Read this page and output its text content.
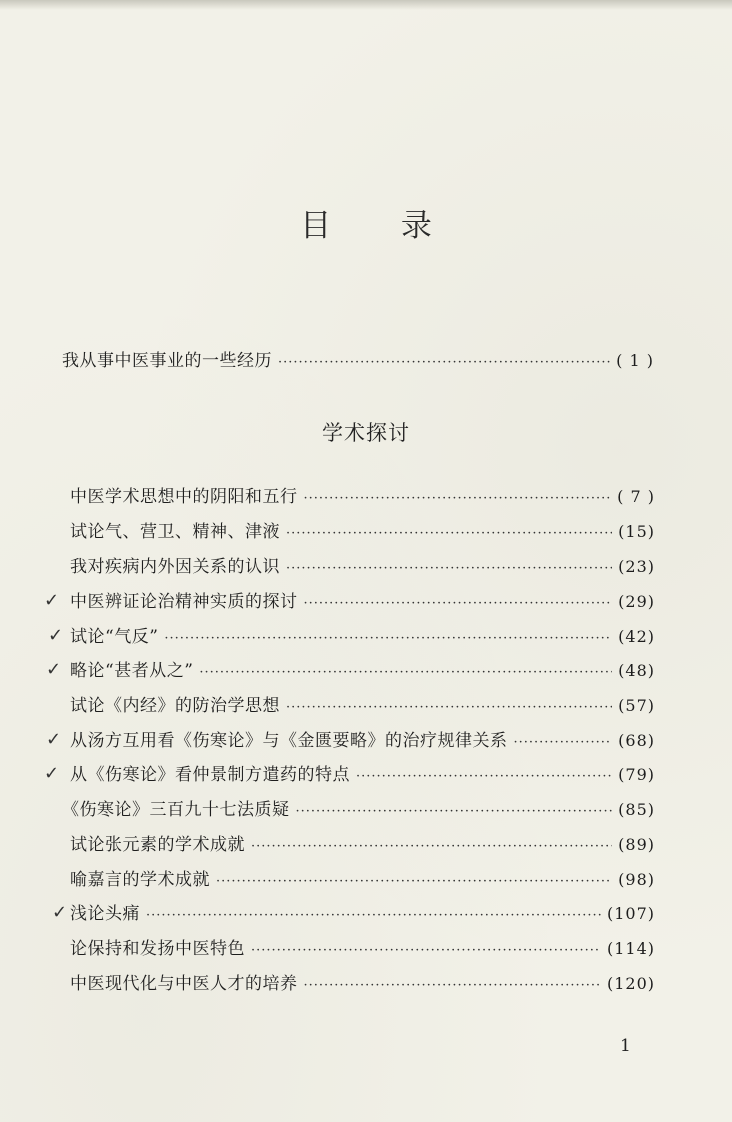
目 录
我从事中医事业的一些经历 ·····	( 1 )
学术探讨
中医学术思想中的阴阳和五行 ·····	( 7 )
试论气、营卫、精神、津液 ·····	(15)
我对疾病内外因关系的认识 ·····	(23)
中医辨证论治精神实质的探讨 ·····	(29)
✓
试论“气反” ·····	(42)
✓
略论“甚者从之” ·····	(48)
✓
试论《内经》的防治学思想 ·····	(57)
从汤方互用看《伤寒论》与《金匮要略》的治疗规律关系 ·····	(68)
✓
从《伤寒论》看仲景制方遣药的特点 ·····	(79)
✓
《伤寒论》三百九十七法质疑 ·····	(85)
试论张元素的学术成就 ·····	(89)
喻嘉言的学术成就 ·····	(98)
浅论头痛 ·····	(107)
✓
论保持和发扬中医特色 ·····	(114)
中医现代化与中医人才的培养 ·····	(120)
1
